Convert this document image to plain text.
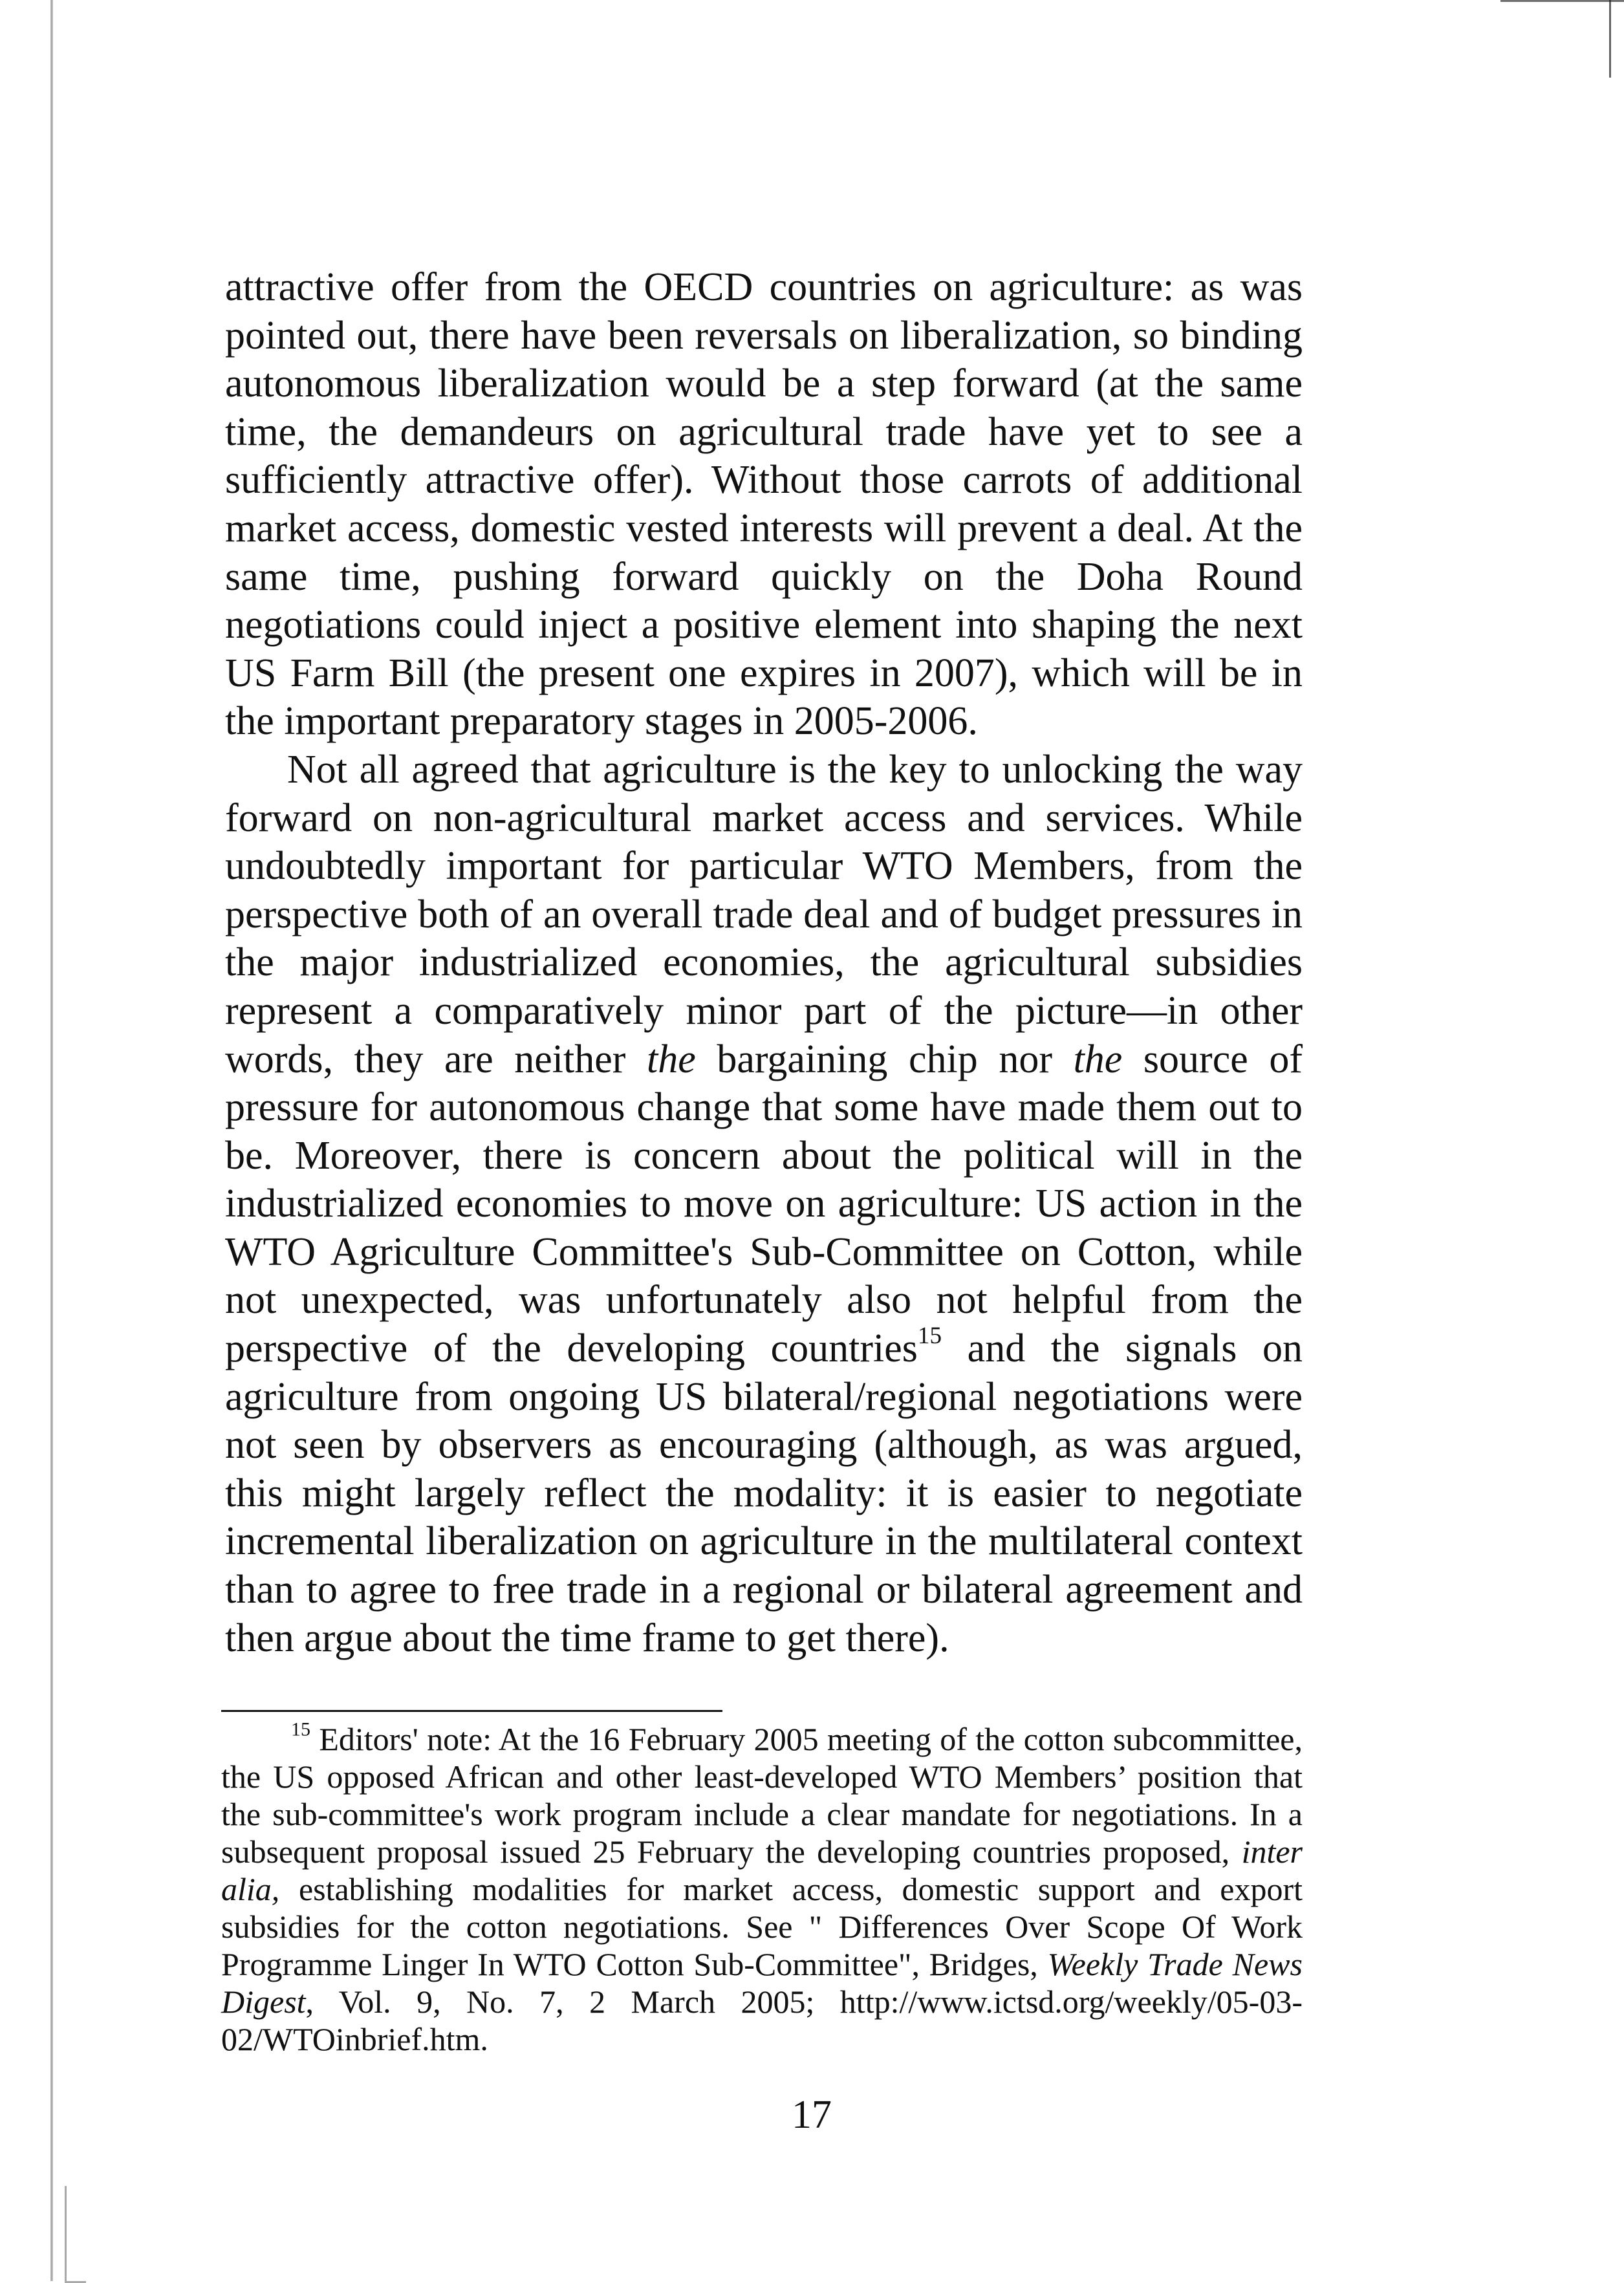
attractive offer from the OECD countries on agriculture: as was pointed out, there have been reversals on liberalization, so binding autonomous liberalization would be a step forward (at the same time, the demandeurs on agricultural trade have yet to see a sufficiently attractive offer). Without those carrots of additional market access, domestic vested interests will prevent a deal. At the same time, pushing forward quickly on the Doha Round negotiations could inject a positive element into shaping the next US Farm Bill (the present one expires in 2007), which will be in the important preparatory stages in 2005-2006.

Not all agreed that agriculture is the key to unlocking the way forward on non-agricultural market access and services. While undoubtedly important for particular WTO Members, from the perspective both of an overall trade deal and of budget pressures in the major industrialized economies, the agricultural subsidies represent a comparatively minor part of the picture—in other words, they are neither the bargaining chip nor the source of pressure for autonomous change that some have made them out to be. Moreover, there is concern about the political will in the industrialized economies to move on agriculture: US action in the WTO Agriculture Committee's Sub-Committee on Cotton, while not unexpected, was unfortunately also not helpful from the perspective of the developing countries$^{15}$ and the signals on agriculture from ongoing US bilateral/regional negotiations were not seen by observers as encouraging (although, as was argued, this might largely reflect the modality: it is easier to negotiate incremental liberalization on agriculture in the multilateral context than to agree to free trade in a regional or bilateral agreement and then argue about the time frame to get there).

$^{15}$ Editors' note: At the 16 February 2005 meeting of the cotton subcommittee, the US opposed African and other least-developed WTO Members’ position that the sub-committee's work program include a clear mandate for negotiations. In a subsequent proposal issued 25 February the developing countries proposed, inter alia, establishing modalities for market access, domestic support and export subsidies for the cotton negotiations. See " Differences Over Scope Of Work Programme Linger In WTO Cotton Sub-Committee", Bridges, Weekly Trade News Digest, Vol. 9, No. 7, 2 March 2005; http://www.ictsd.org/weekly/05-03-02/WTOinbrief.htm.

17
